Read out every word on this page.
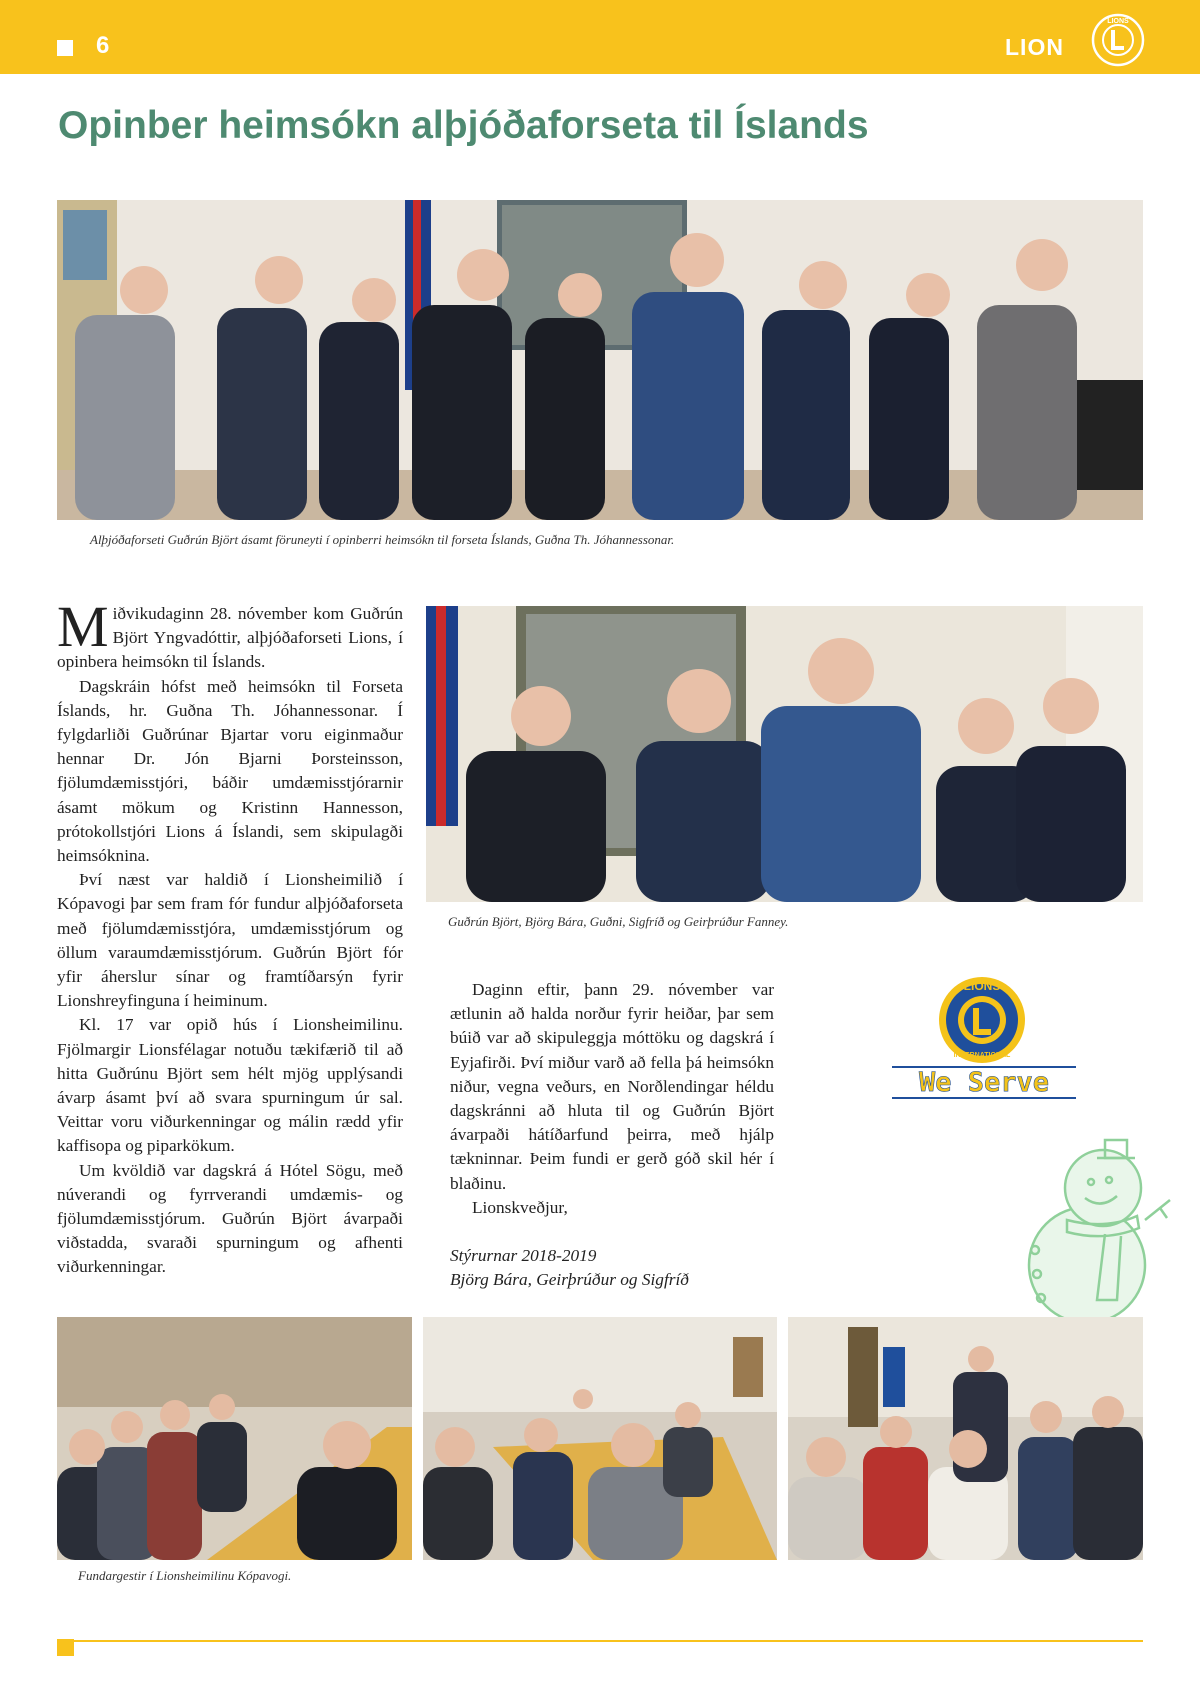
6	LION
LIONS
Opinber heimsókn alþjóðaforseta til Íslands
Alþjóðaforseti Guðrún Björt ásamt föruneyti í opinberri heimsókn til forseta Íslands, Guðna Th. Jóhannessonar.

Miðvikudaginn 28. nóvember kom Guðrún Björt Yngvadóttir, alþjóðaforseti Lions, í opinbera heimsókn til Íslands.

Dagskráin hófst með heimsókn til Forseta Íslands, hr. Guðna Th. Jóhannessonar. Í fylgdarliði Guðrúnar Bjartar voru eiginmaður hennar Dr. Jón Bjarni Þorsteinsson, fjölumdæmisstjóri, báðir umdæmisstjórarnir ásamt mökum og Kristinn Hannesson, prótokollstjóri Lions á Íslandi, sem skipulagði heimsóknina.

Því næst var haldið í Lionsheimilið í Kópavogi þar sem fram fór fundur alþjóðaforseta með fjölumdæmisstjóra, umdæmisstjórum og öllum varaumdæmisstjórum. Guðrún Björt fór yfir áherslur sínar og framtíðarsýn fyrir Lionshreyfinguna í heiminum.

Kl. 17 var opið hús í Lionsheimilinu. Fjölmargir Lionsfélagar notuðu tækifærið til að hitta Guðrúnu Björt sem hélt mjög upplýsandi ávarp ásamt því að svara spurningum úr sal. Veittar voru viðurkenningar og málin rædd yfir kaffisopa og piparkökum.

Um kvöldið var dagskrá á Hótel Sögu, með núverandi og fyrrverandi umdæmis- og fjölumdæmisstjórum. Guðrún Björt ávarpaði viðstadda, svaraði spurningum og afhenti viðurkenningar.

Guðrún Björt, Björg Bára, Guðni, Sigfríð og Geirþrúður Fanney.

Daginn eftir, þann 29. nóvember var ætlunin að halda norður fyrir heiðar, þar sem búið var að skipuleggja móttöku og dagskrá í Eyjafirði. Því miður varð að fella þá heimsókn niður, vegna veðurs, en Norðlendingar héldu dagskránni að hluta til og Guðrún Björt ávarpaði hátíðarfund þeirra, með hjálp tækninnar. Þeim fundi er gerð góð skil hér í blaðinu.

Lionskveðjur,

Stýrurnar 2018-2019
Björg Bára, Geirþrúður og Sigfríð

LIONS
INTERNATIONAL
We Serve
Fundargestir í Lionsheimilinu Kópavogi.
